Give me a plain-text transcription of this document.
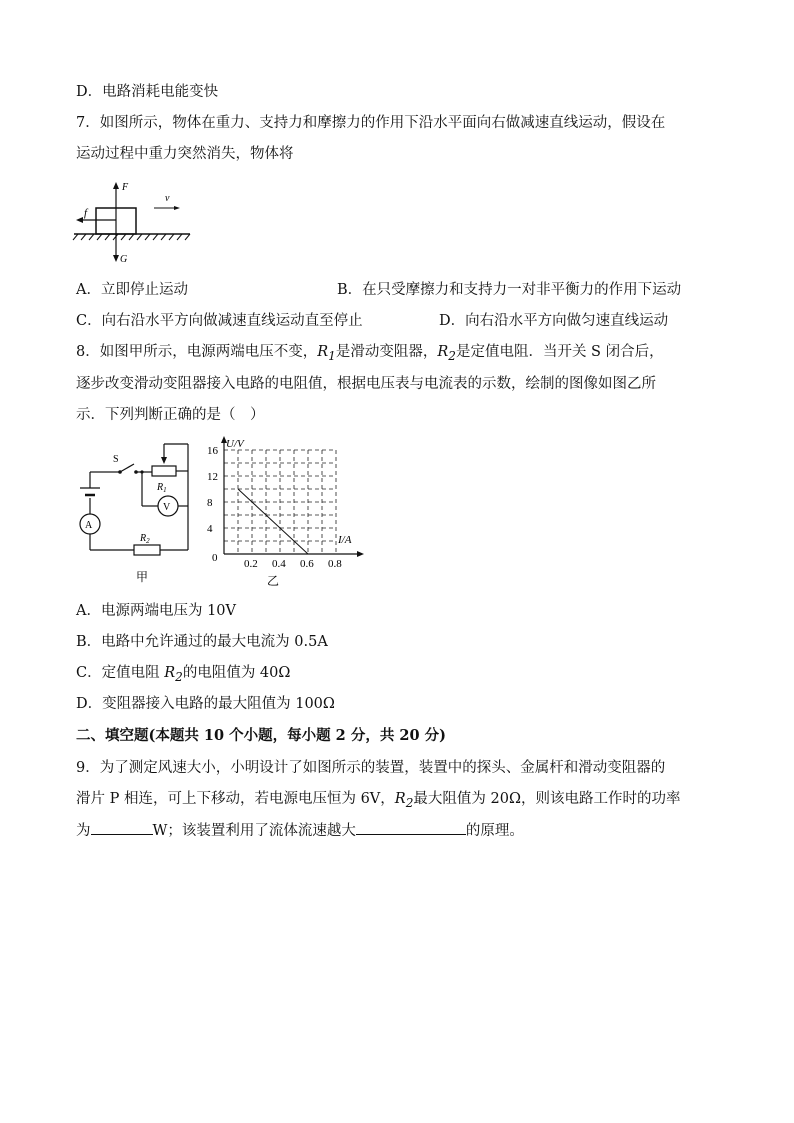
D．电路消耗电能变快
7．如图所示，物体在重力、支持力和摩擦力的作用下沿水平面向右做减速直线运动，假设在
运动过程中重力突然消失，物体将
F
G
f
v
A．立即停止运动	B．在只受摩擦力和支持力一对非平衡力的作用下运动
C．向右沿水平方向做减速直线运动直至停止	D．向右沿水平方向做匀速直线运动
8．如图甲所示，电源两端电压不变，$R_1$是滑动变阻器，$R_2$是定值电阻．当开关 S 闭合后，
逐步改变滑动变阻器接入电路的电阻值，根据电压表与电流表的示数，绘制的图像如图乙所
示．下列判断正确的是（　）
S
$R_1$
V
A
$R_2$
甲
0.2 0.4 0.6 0.8
16
12
8
4
U/V
I/A
0
乙
A．电源两端电压为 10V
B．电路中允许通过的最大电流为 0.5A
C．定值电阻 $R_2$的电阻值为 40Ω
D．变阻器接入电路的最大阻值为 100Ω
二、填空题(本题共 10 个小题，每小题 2 分，共 20 分)
9．为了测定风速大小，小明设计了如图所示的装置，装置中的探头、金属杆和滑动变阻器的
滑片 P 相连，可上下移动，若电源电压恒为 6V，$R_2$最大阻值为 20Ω，则该电路工作时的功率
为	W；该装置利用了流体流速越大	的原理。
